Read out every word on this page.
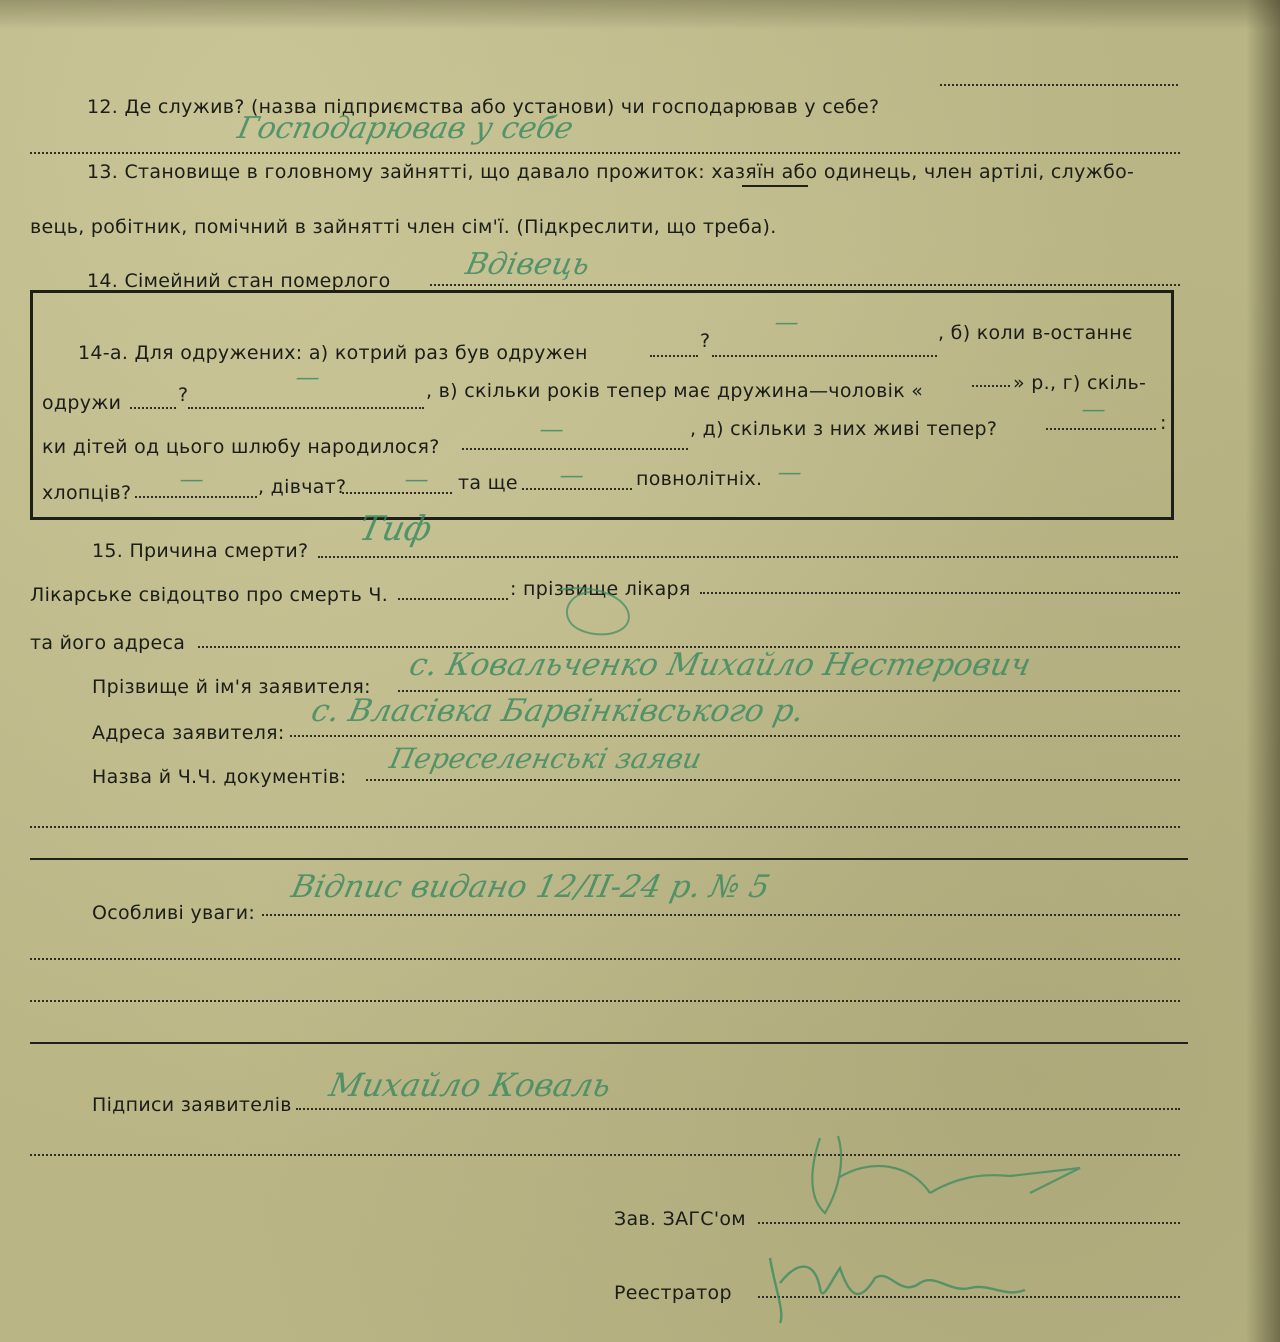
12. Де служив? (назва підприємства або установи) чи господарював у себе?
Господарював у себе
13. Становище в головному зайнятті, що давало прожиток: хазяїн або одинець, член артілі, службо-
вець, робітник, помічний в зайнятті член сім'ї. (Підкреслити, що треба).
14. Сімейний стан померлого Вдівець
14-а. Для одружених: а) котрий раз був одружен
?	, б) коли в-останнє
—
одружи	?	, в) скільки років тепер має дружина—чоловік «	» р., г) скіль-
—
ки дітей од цього шлюбу народилося?
, д) скільки з них живі тепер?	:
—
—
хлопців?	, дівчат?	та ще	повнолітніх.
—	—	—	—
15. Причина смерти?
Тиф
Лікарське свідоцтво про смерть Ч.	: прізвище лікаря
та його адреса
Прізвище й ім'я заявителя:
с. Ковальченко Михайло Нестерович
Адреса заявителя:
с. Власівка Барвінківського р.
Назва й Ч.Ч. документів:
Переселенські заяви
Особливі уваги:
Відпис видано 12/ІІ-24 р. № 5
Підписи заявителів
Михайло Коваль
Зав. ЗАГС'ом
Реестратор
